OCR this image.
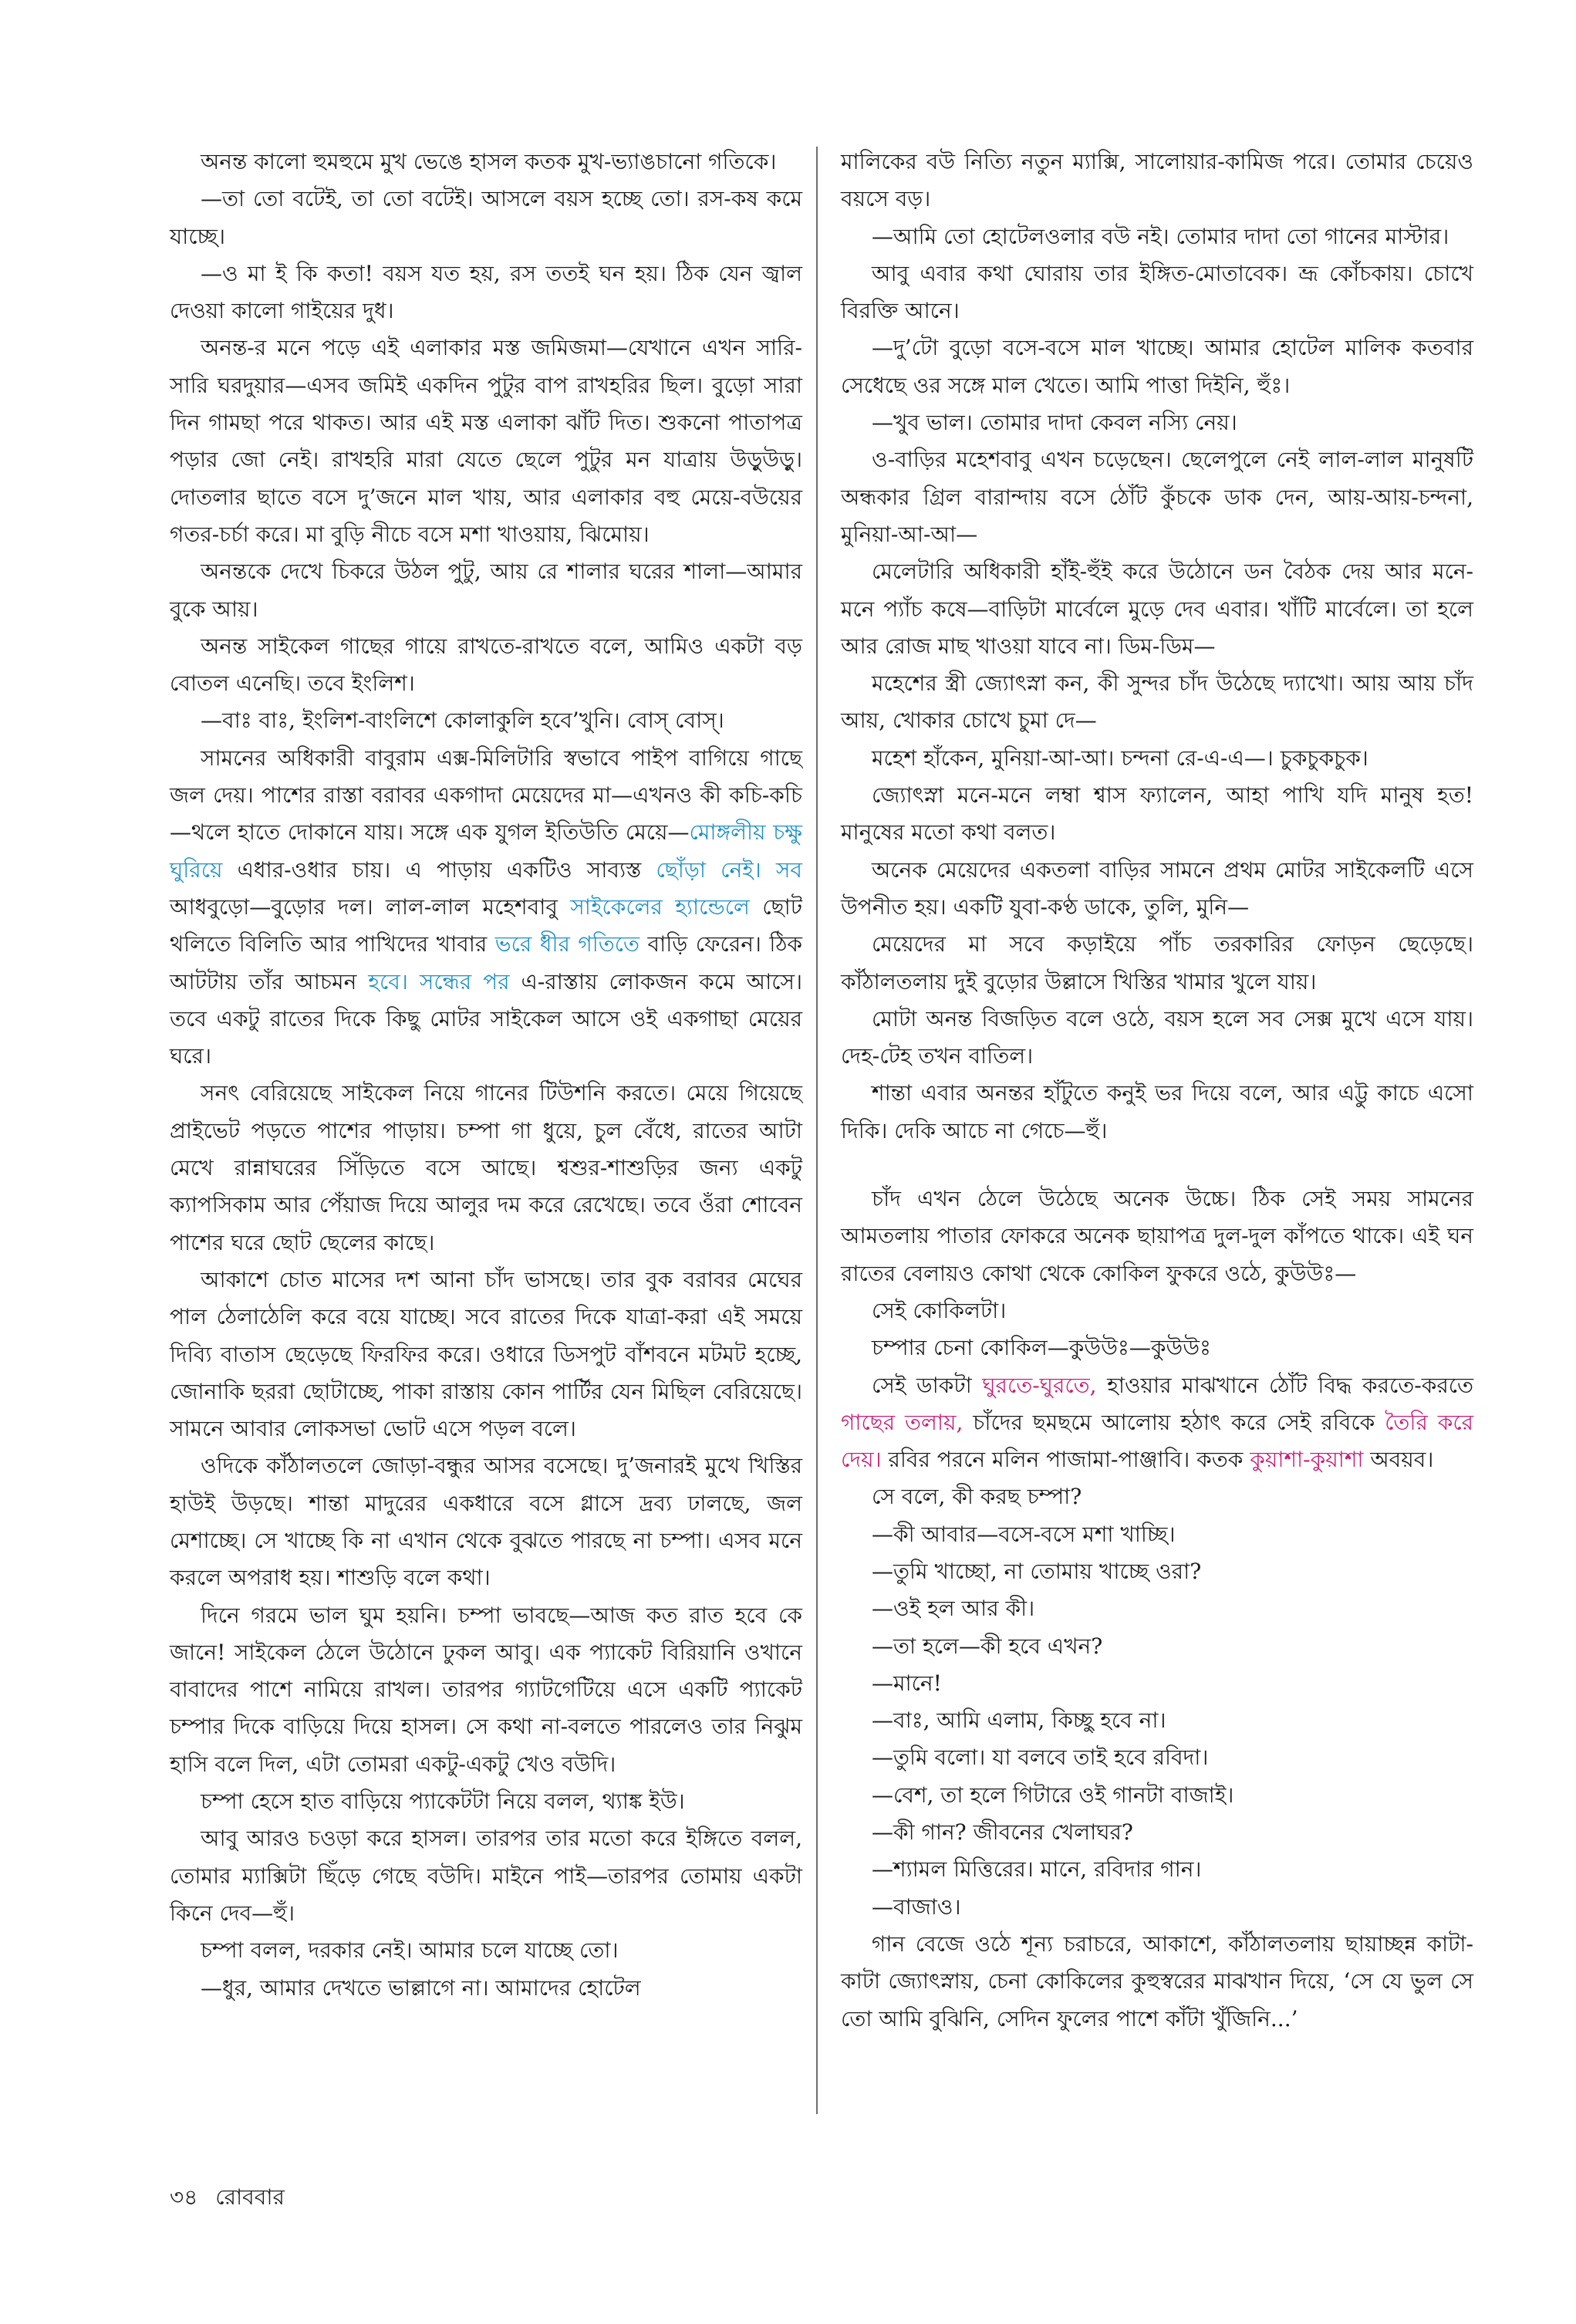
অনন্ত কালো হুমহুমে মুখ ভেঙে হাসল কতক মুখ-ভ্যাঙচানো গতিকে।

—তা তো বটেই, তা তো বটেই। আসলে বয়স হচ্ছে তো। রস-কষ কমে যাচ্ছে।

—ও মা ই কি কতা! বয়স যত হয়, রস ততই ঘন হয়। ঠিক যেন জ্বাল দেওয়া কালো গাইয়ের দুধ।

অনন্ত-র মনে পড়ে এই এলাকার মস্ত জমিজমা—যেখানে এখন সারি-সারি ঘরদুয়ার—এসব জমিই একদিন পুটুর বাপ রাখহরির ছিল। বুড়ো সারা দিন গামছা পরে থাকত। আর এই মস্ত এলাকা ঝাঁট দিত। শুকনো পাতাপত্র পড়ার জো নেই। রাখহরি মারা যেতে ছেলে পুটুর মন যাত্রায় উড়ুউড়ু। দোতলার ছাতে বসে দু’জনে মাল খায়, আর এলাকার বহু মেয়ে-বউয়ের গতর-চর্চা করে। মা বুড়ি নীচে বসে মশা খাওয়ায়, ঝিমোয়।

অনন্তকে দেখে চিকরে উঠল পুটু, আয় রে শালার ঘরের শালা—আমার বুকে আয়।

অনন্ত সাইকেল গাছের গায়ে রাখতে-রাখতে বলে, আমিও একটা বড় বোতল এনেছি। তবে ইংলিশ।

—বাঃ বাঃ, ইংলিশ-বাংলিশে কোলাকুলি হবে’খুনি। বোস্ বোস্।

সামনের অধিকারী বাবুরাম এক্স-মিলিটারি স্বভাবে পাইপ বাগিয়ে গাছে জল দেয়। পাশের রাস্তা বরাবর একগাদা মেয়েদের মা—এখনও কী কচি-কচি—থলে হাতে দোকানে যায়। সঙ্গে এক যুগল ইতিউতি মেয়ে—মোঙ্গলীয় চক্ষু ঘুরিয়ে এধার-ওধার চায়। এ পাড়ায় একটিও সাব্যস্ত ছোঁড়া নেই। সব আধবুড়ো—বুড়োর দল। লাল-লাল মহেশবাবু সাইকেলের হ্যান্ডেলে ছোট থলিতে বিলিতি আর পাখিদের খাবার ভরে ধীর গতিতে বাড়ি ফেরেন। ঠিক আটটায় তাঁর আচমন হবে। সন্ধের পর এ-রাস্তায় লোকজন কমে আসে। তবে একটু রাতের দিকে কিছু মোটর সাইকেল আসে ওই একগাছা মেয়ের ঘরে।

সনৎ বেরিয়েছে সাইকেল নিয়ে গানের টিউশনি করতে। মেয়ে গিয়েছে প্রাইভেট পড়তে পাশের পাড়ায়। চম্পা গা ধুয়ে, চুল বেঁধে, রাতের আটা মেখে রান্নাঘরের সিঁড়িতে বসে আছে। শ্বশুর-শাশুড়ির জন্য একটু ক্যাপসিকাম আর পেঁয়াজ দিয়ে আলুর দম করে রেখেছে। তবে ওঁরা শোবেন পাশের ঘরে ছোট ছেলের কাছে।

আকাশে চোত মাসের দশ আনা চাঁদ ভাসছে। তার বুক বরাবর মেঘের পাল ঠেলাঠেলি করে বয়ে যাচ্ছে। সবে রাতের দিকে যাত্রা-করা এই সময়ে দিব্যি বাতাস ছেড়েছে ফিরফির করে। ওধারে ডিসপুট বাঁশবনে মটমট হচ্ছে, জোনাকি ছররা ছোটাচ্ছে, পাকা রাস্তায় কোন পার্টির যেন মিছিল বেরিয়েছে। সামনে আবার লোকসভা ভোট এসে পড়ল বলে।

ওদিকে কাঁঠালতলে জোড়া-বন্ধুর আসর বসেছে। দু’জনারই মুখে খিস্তির হাউই উড়ছে। শান্তা মাদুরের একধারে বসে গ্লাসে দ্রব্য ঢালছে, জল মেশাচ্ছে। সে খাচ্ছে কি না এখান থেকে বুঝতে পারছে না চম্পা। এসব মনে করলে অপরাধ হয়। শাশুড়ি বলে কথা।

দিনে গরমে ভাল ঘুম হয়নি। চম্পা ভাবছে—আজ কত রাত হবে কে জানে! সাইকেল ঠেলে উঠোনে ঢুকল আবু। এক প্যাকেট বিরিয়ানি ওখানে বাবাদের পাশে নামিয়ে রাখল। তারপর গ্যাটগেটিয়ে এসে একটি প্যাকেট চম্পার দিকে বাড়িয়ে দিয়ে হাসল। সে কথা না-বলতে পারলেও তার নিঝুম হাসি বলে দিল, এটা তোমরা একটু-একটু খেও বউদি।

চম্পা হেসে হাত বাড়িয়ে প্যাকেটটা নিয়ে বলল, থ্যাঙ্ক ইউ।

আবু আরও চওড়া করে হাসল। তারপর তার মতো করে ইঙ্গিতে বলল, তোমার ম্যাক্সিটা ছিঁড়ে গেছে বউদি। মাইনে পাই—তারপর তোমায় একটা কিনে দেব—হুঁ।

চম্পা বলল, দরকার নেই। আমার চলে যাচ্ছে তো।

—ধুর, আমার দেখতে ভাল্লাগে না। আমাদের হোটেল

মালিকের বউ নিত্যি নতুন ম্যাক্সি, সালোয়ার-কামিজ পরে। তোমার চেয়েও বয়সে বড়।

—আমি তো হোটেলওলার বউ নই। তোমার দাদা তো গানের মাস্টার।

আবু এবার কথা ঘোরায় তার ইঙ্গিত-মোতাবেক। ভ্রূ কোঁচকায়। চোখে বিরক্তি আনে।

—দু’টো বুড়ো বসে-বসে মাল খাচ্ছে। আমার হোটেল মালিক কতবার সেধেছে ওর সঙ্গে মাল খেতে। আমি পাত্তা দিইনি, হুঁঃ।

—খুব ভাল। তোমার দাদা কেবল নস্যি নেয়।

ও-বাড়ির মহেশবাবু এখন চড়েছেন। ছেলেপুলে নেই লাল-লাল মানুষটি অন্ধকার গ্রিল বারান্দায় বসে ঠোঁট কুঁচকে ডাক দেন, আয়-আয়-চন্দনা, মুনিয়া-আ-আ—

মেলেটারি অধিকারী হাঁই-হুঁই করে উঠোনে ডন বৈঠক দেয় আর মনে-মনে প্যাঁচ কষে—বাড়িটা মার্বেলে মুড়ে দেব এবার। খাঁটি মার্বেলে। তা হলে আর রোজ মাছ খাওয়া যাবে না। ডিম-ডিম—

মহেশের স্ত্রী জ্যোৎস্না কন, কী সুন্দর চাঁদ উঠেছে দ্যাখো। আয় আয় চাঁদ আয়, খোকার চোখে চুমা দে—

মহেশ হাঁকেন, মুনিয়া-আ-আ। চন্দনা রে-এ-এ—। চুকচুকচুক।

জ্যোৎস্না মনে-মনে লম্বা শ্বাস ফ্যালেন, আহা পাখি যদি মানুষ হত! মানুষের মতো কথা বলত।

অনেক মেয়েদের একতলা বাড়ির সামনে প্রথম মোটর সাইকেলটি এসে উপনীত হয়। একটি যুবা-কণ্ঠ ডাকে, তুলি, মুনি—

মেয়েদের মা সবে কড়াইয়ে পাঁচ তরকারির ফোড়ন ছেড়েছে। কাঁঠালতলায় দুই বুড়োর উল্লাসে খিস্তির খামার খুলে যায়।

মোটা অনন্ত বিজড়িত বলে ওঠে, বয়স হলে সব সেক্স মুখে এসে যায়। দেহ-টেহ তখন বাতিল।

শান্তা এবার অনন্তর হাঁটুতে কনুই ভর দিয়ে বলে, আর এট্টু কাচে এসো দিকি। দেকি আচে না গেচে—হুঁ।

চাঁদ এখন ঠেলে উঠেছে অনেক উচ্চে। ঠিক সেই সময় সামনের আমতলায় পাতার ফোকরে অনেক ছায়াপত্র দুল-দুল কাঁপতে থাকে। এই ঘন রাতের বেলায়ও কোথা থেকে কোকিল ফুকরে ওঠে, কুউউঃ—

সেই কোকিলটা।

চম্পার চেনা কোকিল—কুউউঃ—কুউউঃ

সেই ডাকটা ঘুরতে-ঘুরতে, হাওয়ার মাঝখানে ঠোঁট বিদ্ধ করতে-করতে গাছের তলায়, চাঁদের ছমছমে আলোয় হঠাৎ করে সেই রবিকে তৈরি করে দেয়। রবির পরনে মলিন পাজামা-পাঞ্জাবি। কতক কুয়াশা-কুয়াশা অবয়ব।

সে বলে, কী করছ চম্পা?

—কী আবার—বসে-বসে মশা খাচ্ছি।

—তুমি খাচ্ছো, না তোমায় খাচ্ছে ওরা?

—ওই হল আর কী।

—তা হলে—কী হবে এখন?

—মানে!

—বাঃ, আমি এলাম, কিচ্ছু হবে না।

—তুমি বলো। যা বলবে তাই হবে রবিদা।

—বেশ, তা হলে গিটারে ওই গানটা বাজাই।

—কী গান? জীবনের খেলাঘর?

—শ্যামল মিত্তিরের। মানে, রবিদার গান।

—বাজাও।

গান বেজে ওঠে শূন্য চরাচরে, আকাশে, কাঁঠালতলায় ছায়াচ্ছন্ন কাটা-কাটা জ্যোৎস্নায়, চেনা কোকিলের কুহুস্বরের মাঝখান দিয়ে, ‘সে যে ভুল সে তো আমি বুঝিনি, সেদিন ফুলের পাশে কাঁটা খুঁজিনি...’

৩৪ রোববার
